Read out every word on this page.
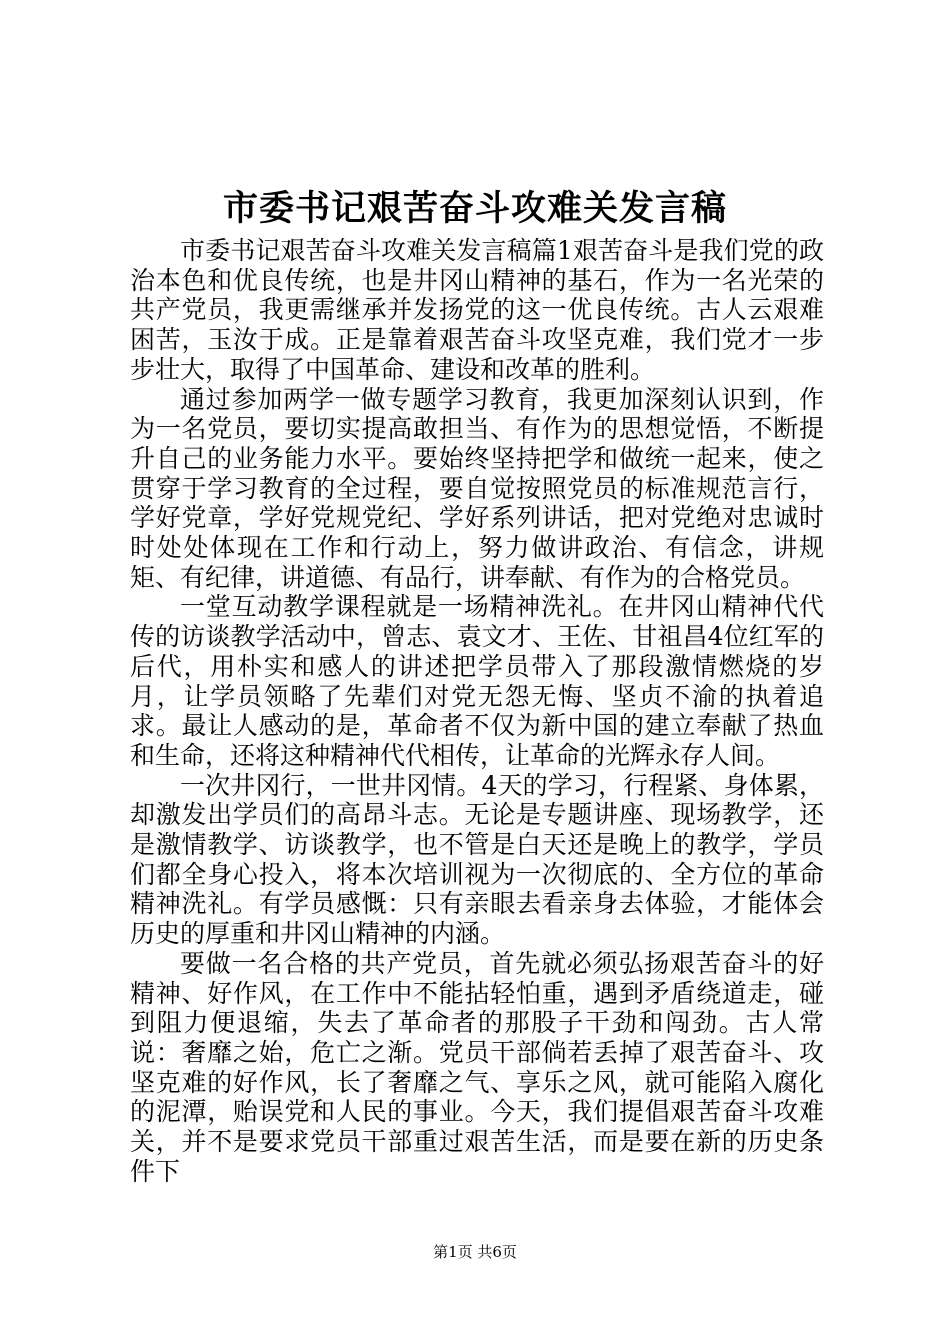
市委书记艰苦奋斗攻难关发言稿

市委书记艰苦奋斗攻难关发言稿篇1艰苦奋斗是我们党的政治本色和优良传统，也是井冈山精神的基石，作为一名光荣的共产党员，我更需继承并发扬党的这一优良传统。古人云艰难困苦，玉汝于成。正是靠着艰苦奋斗攻坚克难，我们党才一步步壮大，取得了中国革命、建设和改革的胜利。

通过参加两学一做专题学习教育，我更加深刻认识到，作为一名党员，要切实提高敢担当、有作为的思想觉悟，不断提升自己的业务能力水平。要始终坚持把学和做统一起来，使之贯穿于学习教育的全过程，要自觉按照党员的标准规范言行，学好党章，学好党规党纪、学好系列讲话，把对党绝对忠诚时时处处体现在工作和行动上，努力做讲政治、有信念，讲规矩、有纪律，讲道德、有品行，讲奉献、有作为的合格党员。

一堂互动教学课程就是一场精神洗礼。在井冈山精神代代传的访谈教学活动中，曾志、袁文才、王佐、甘祖昌4位红军的后代，用朴实和感人的讲述把学员带入了那段激情燃烧的岁月，让学员领略了先辈们对党无怨无悔、坚贞不渝的执着追求。最让人感动的是，革命者不仅为新中国的建立奉献了热血和生命，还将这种精神代代相传，让革命的光辉永存人间。

一次井冈行，一世井冈情。4天的学习，行程紧、身体累，却激发出学员们的高昂斗志。无论是专题讲座、现场教学，还是激情教学、访谈教学，也不管是白天还是晚上的教学，学员们都全身心投入，将本次培训视为一次彻底的、全方位的革命精神洗礼。有学员感慨：只有亲眼去看亲身去体验，才能体会历史的厚重和井冈山精神的内涵。

要做一名合格的共产党员，首先就必须弘扬艰苦奋斗的好精神、好作风，在工作中不能拈轻怕重，遇到矛盾绕道走，碰到阻力便退缩，失去了革命者的那股子干劲和闯劲。古人常说：奢靡之始，危亡之渐。党员干部倘若丢掉了艰苦奋斗、攻坚克难的好作风，长了奢靡之气、享乐之风，就可能陷入腐化的泥潭，贻误党和人民的事业。今天，我们提倡艰苦奋斗攻难关，并不是要求党员干部重过艰苦生活，而是要在新的历史条件下

第1页 共6页
